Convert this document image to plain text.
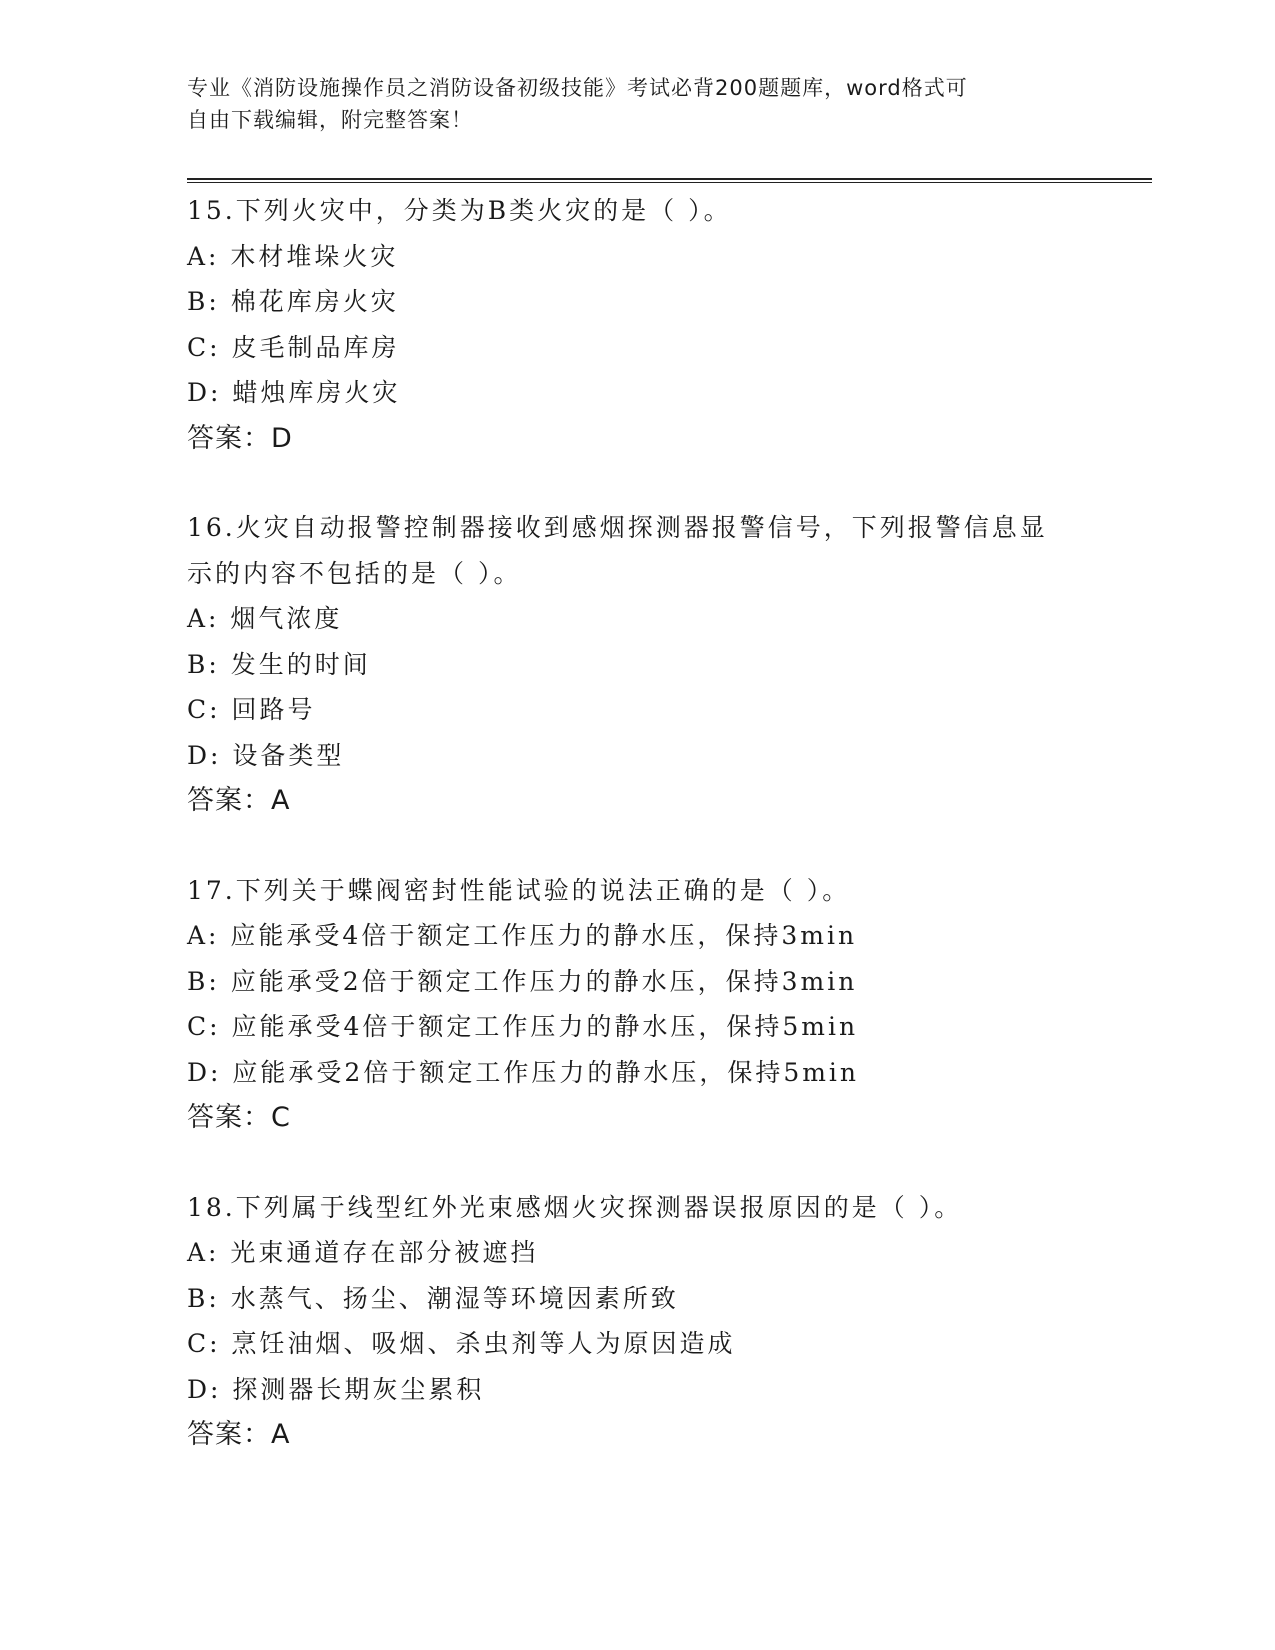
专业《消防设施操作员之消防设备初级技能》考试必背200题题库，word格式可
自由下载编辑，附完整答案！
15.下列火灾中，分类为B类火灾的是（ ）。
A: 木材堆垛火灾
B: 棉花库房火灾
C: 皮毛制品库房
D: 蜡烛库房火灾
答案：D
16.火灾自动报警控制器接收到感烟探测器报警信号，下列报警信息显
示的内容不包括的是（ ）。
A: 烟气浓度
B: 发生的时间
C: 回路号
D: 设备类型
答案：A
17.下列关于蝶阀密封性能试验的说法正确的是（ ）。
A: 应能承受4倍于额定工作压力的静水压，保持3min
B: 应能承受2倍于额定工作压力的静水压，保持3min
C: 应能承受4倍于额定工作压力的静水压，保持5min
D: 应能承受2倍于额定工作压力的静水压，保持5min
答案：C
18.下列属于线型红外光束感烟火灾探测器误报原因的是（ ）。
A: 光束通道存在部分被遮挡
B: 水蒸气、扬尘、潮湿等环境因素所致
C: 烹饪油烟、吸烟、杀虫剂等人为原因造成
D: 探测器长期灰尘累积
答案：A
